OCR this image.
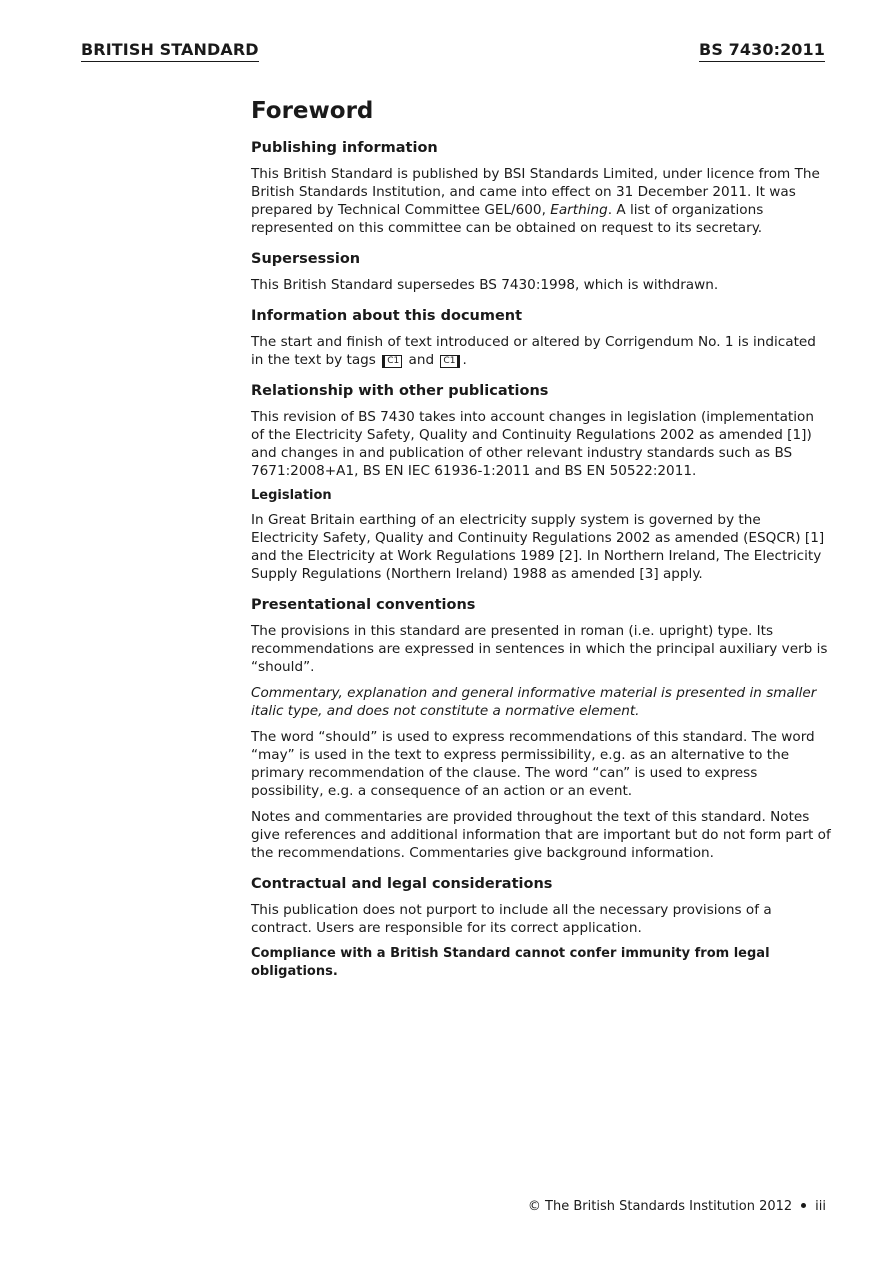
BRITISH STANDARD	BS 7430:2011
Foreword
Publishing information

This British Standard is published by BSI Standards Limited, under licence from The British Standards Institution, and came into effect on 31 December 2011. It was prepared by Technical Committee GEL/600, Earthing. A list of organizations represented on this committee can be obtained on request to its secretary.

Supersession

This British Standard supersedes BS 7430:1998, which is withdrawn.

Information about this document

The start and finish of text introduced or altered by Corrigendum No. 1 is indicated in the text by tags C1 and C1 .

Relationship with other publications

This revision of BS 7430 takes into account changes in legislation (implementation of the Electricity Safety, Quality and Continuity Regulations 2002 as amended [1]) and changes in and publication of other relevant industry standards such as BS 7671:2008+A1, BS EN IEC 61936-1:2011 and BS EN 50522:2011.

Legislation

In Great Britain earthing of an electricity supply system is governed by the Electricity Safety, Quality and Continuity Regulations 2002 as amended (ESQCR) [1] and the Electricity at Work Regulations 1989 [2]. In Northern Ireland, The Electricity Supply Regulations (Northern Ireland) 1988 as amended [3] apply.

Presentational conventions

The provisions in this standard are presented in roman (i.e. upright) type. Its recommendations are expressed in sentences in which the principal auxiliary verb is “should”.

Commentary, explanation and general informative material is presented in smaller italic type, and does not constitute a normative element.

The word “should” is used to express recommendations of this standard. The word “may” is used in the text to express permissibility, e.g. as an alternative to the primary recommendation of the clause. The word “can” is used to express possibility, e.g. a consequence of an action or an event.

Notes and commentaries are provided throughout the text of this standard. Notes give references and additional information that are important but do not form part of the recommendations. Commentaries give background information.

Contractual and legal considerations

This publication does not purport to include all the necessary provisions of a contract. Users are responsible for its correct application.

Compliance with a British Standard cannot confer immunity from legal obligations.

© The British Standards Institution 2012 iii
